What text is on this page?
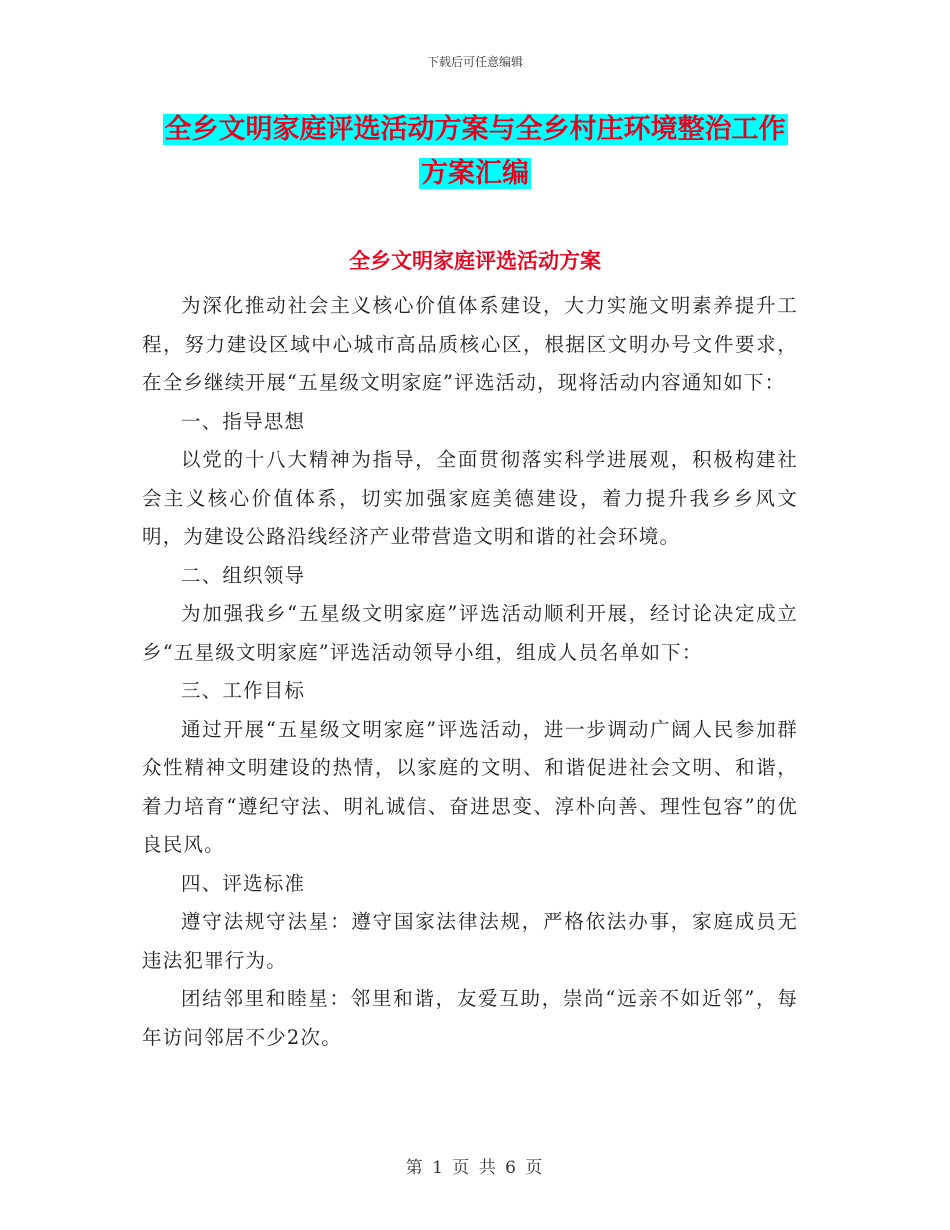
下载后可任意编辑
全乡文明家庭评选活动方案与全乡村庄环境整治工作
方案汇编
全乡文明家庭评选活动方案

为深化推动社会主义核心价值体系建设，大力实施文明素养提升工程，努力建设区域中心城市高品质核心区，根据区文明办号文件要求，在全乡继续开展“五星级文明家庭”评选活动，现将活动内容通知如下：

一、指导思想

以党的十八大精神为指导，全面贯彻落实科学进展观，积极构建社会主义核心价值体系，切实加强家庭美德建设，着力提升我乡乡风文明，为建设公路沿线经济产业带营造文明和谐的社会环境。

二、组织领导

为加强我乡“五星级文明家庭”评选活动顺利开展，经讨论决定成立乡“五星级文明家庭”评选活动领导小组，组成人员名单如下：

三、工作目标

通过开展“五星级文明家庭”评选活动，进一步调动广阔人民参加群众性精神文明建设的热情，以家庭的文明、和谐促进社会文明、和谐，着力培育“遵纪守法、明礼诚信、奋进思变、淳朴向善、理性包容”的优良民风。

四、评选标准

遵守法规守法星：遵守国家法律法规，严格依法办事，家庭成员无违法犯罪行为。

团结邻里和睦星：邻里和谐，友爱互助，崇尚“远亲不如近邻”，每年访问邻居不少2次。

第 1 页 共 6 页
